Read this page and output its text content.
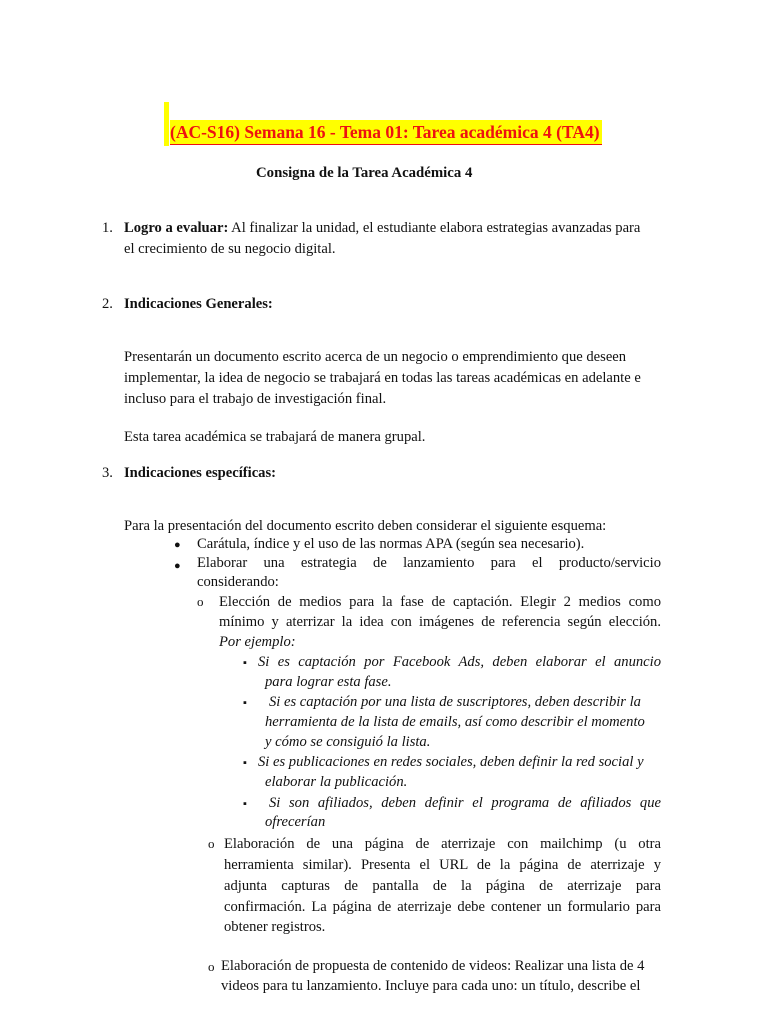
(AC-S16) Semana 16 - Tema 01: Tarea académica 4 (TA4)
Consigna de la Tarea Académica 4
1. Logro a evaluar: Al finalizar la unidad, el estudiante elabora estrategias avanzadas para
el crecimiento de su negocio digital.
2. Indicaciones Generales:
Presentarán un documento escrito acerca de un negocio o emprendimiento que deseen
implementar, la idea de negocio se trabajará en todas las tareas académicas en adelante e
incluso para el trabajo de investigación final.
Esta tarea académica se trabajará de manera grupal.
3. Indicaciones específicas:
Para la presentación del documento escrito deben considerar el siguiente esquema:
● Carátula, índice y el uso de las normas APA (según sea necesario).
● Elaborar una estrategia de lanzamiento para el producto/servicio
considerando:
o Elección de medios para la fase de captación. Elegir 2 medios como
mínimo y aterrizar la idea con imágenes de referencia según elección.
Por ejemplo:
▪ Si es captación por Facebook Ads, deben elaborar el anuncio
para lograr esta fase.
▪ Si es captación por una lista de suscriptores, deben describir la
herramienta de la lista de emails, así como describir el momento
y cómo se consiguió la lista.
▪ Si es publicaciones en redes sociales, deben definir la red social y
elaborar la publicación.
▪ Si son afiliados, deben definir el programa de afiliados que
ofrecerían
o Elaboración de una página de aterrizaje con mailchimp (u otra
herramienta similar). Presenta el URL de la página de aterrizaje y
adjunta capturas de pantalla de la página de aterrizaje para
confirmación. La página de aterrizaje debe contener un formulario para
obtener registros.
o Elaboración de propuesta de contenido de videos: Realizar una lista de 4
videos para tu lanzamiento. Incluye para cada uno: un título, describe el
